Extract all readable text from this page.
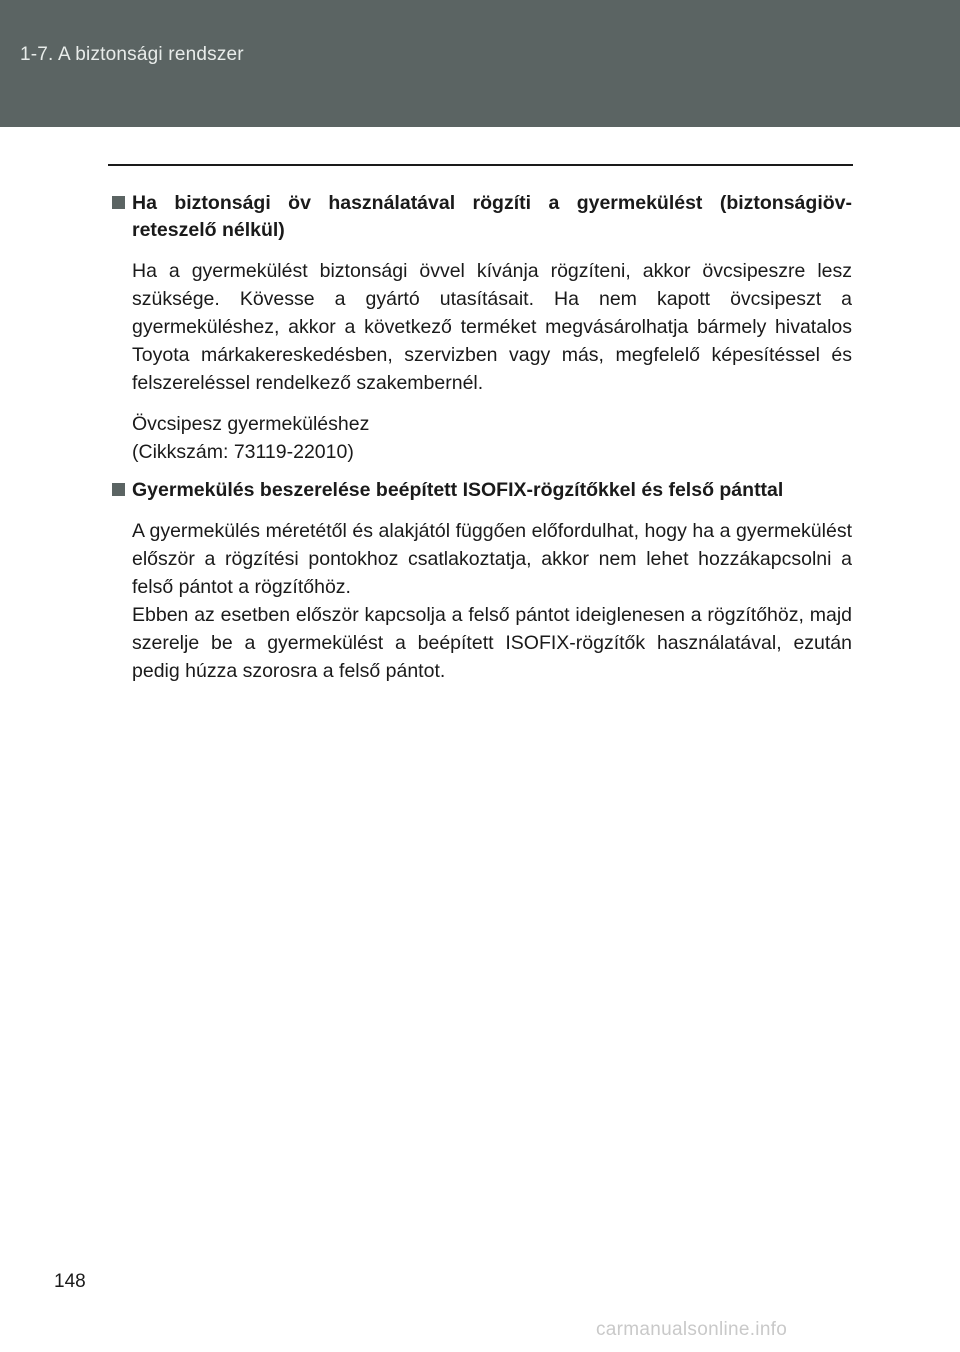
1-7. A biztonsági rendszer

Ha biztonsági öv használatával rögzíti a gyermekülést (biztonságiöv-reteszelő nélkül)

Ha a gyermekülést biztonsági övvel kívánja rögzíteni, akkor övcsipeszre lesz szüksége. Kövesse a gyártó utasításait. Ha nem kapott övcsipeszt a gyermeküléshez, akkor a következő terméket megvásárolhatja bármely hivatalos Toyota márkakereskedésben, szervizben vagy más, megfelelő képesítéssel és felszereléssel rendelkező szakembernél.

Övcsipesz gyermeküléshez
(Cikkszám: 73119-22010)

Gyermekülés beszerelése beépített ISOFIX-rögzítőkkel és felső pánttal

A gyermekülés méretétől és alakjától függően előfordulhat, hogy ha a gyermekülést először a rögzítési pontokhoz csatlakoztatja, akkor nem lehet hozzákapcsolni a felső pántot a rögzítőhöz.

Ebben az esetben először kapcsolja a felső pántot ideiglenesen a rögzítőhöz, majd szerelje be a gyermekülést a beépített ISOFIX-rögzítők használatával, ezután pedig húzza szorosra a felső pántot.

148
carmanualsonline.info
